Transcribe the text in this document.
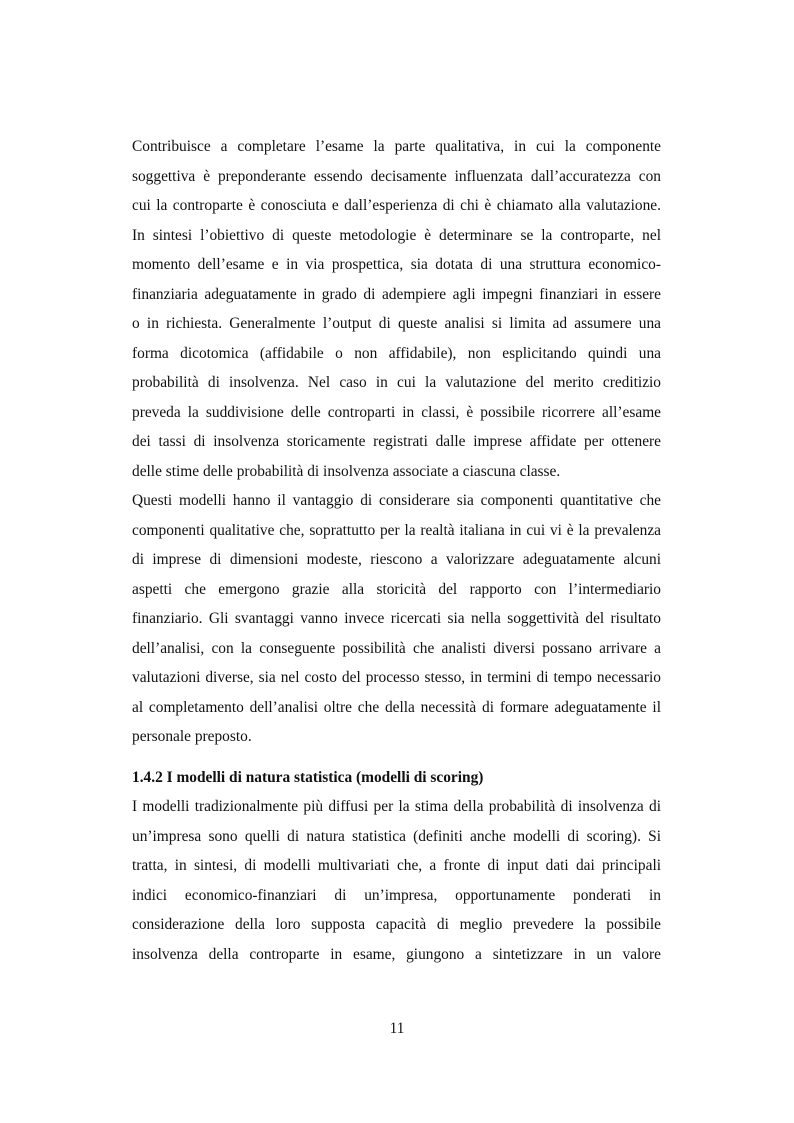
Contribuisce a completare l’esame la parte qualitativa, in cui la componente
soggettiva è preponderante essendo decisamente influenzata dall’accuratezza con
cui la controparte è conosciuta e dall’esperienza di chi è chiamato alla valutazione.
In sintesi l’obiettivo di queste metodologie è determinare se la controparte, nel
momento dell’esame e in via prospettica, sia dotata di una struttura economico-
finanziaria adeguatamente in grado di adempiere agli impegni finanziari in essere
o in richiesta. Generalmente l’output di queste analisi si limita ad assumere una
forma dicotomica (affidabile o non affidabile), non esplicitando quindi una
probabilità di insolvenza. Nel caso in cui la valutazione del merito creditizio
preveda la suddivisione delle controparti in classi, è possibile ricorrere all’esame
dei tassi di insolvenza storicamente registrati dalle imprese affidate per ottenere
delle stime delle probabilità di insolvenza associate a ciascuna classe.
Questi modelli hanno il vantaggio di considerare sia componenti quantitative che
componenti qualitative che, soprattutto per la realtà italiana in cui vi è la prevalenza
di imprese di dimensioni modeste, riescono a valorizzare adeguatamente alcuni
aspetti che emergono grazie alla storicità del rapporto con l’intermediario
finanziario. Gli svantaggi vanno invece ricercati sia nella soggettività del risultato
dell’analisi, con la conseguente possibilità che analisti diversi possano arrivare a
valutazioni diverse, sia nel costo del processo stesso, in termini di tempo necessario
al completamento dell’analisi oltre che della necessità di formare adeguatamente il
personale preposto.
1.4.2 I modelli di natura statistica (modelli di scoring)
I modelli tradizionalmente più diffusi per la stima della probabilità di insolvenza di
un’impresa sono quelli di natura statistica (definiti anche modelli di scoring). Si
tratta, in sintesi, di modelli multivariati che, a fronte di input dati dai principali
indici economico-finanziari di un’impresa, opportunamente ponderati in
considerazione della loro supposta capacità di meglio prevedere la possibile
insolvenza della controparte in esame, giungono a sintetizzare in un valore
11
